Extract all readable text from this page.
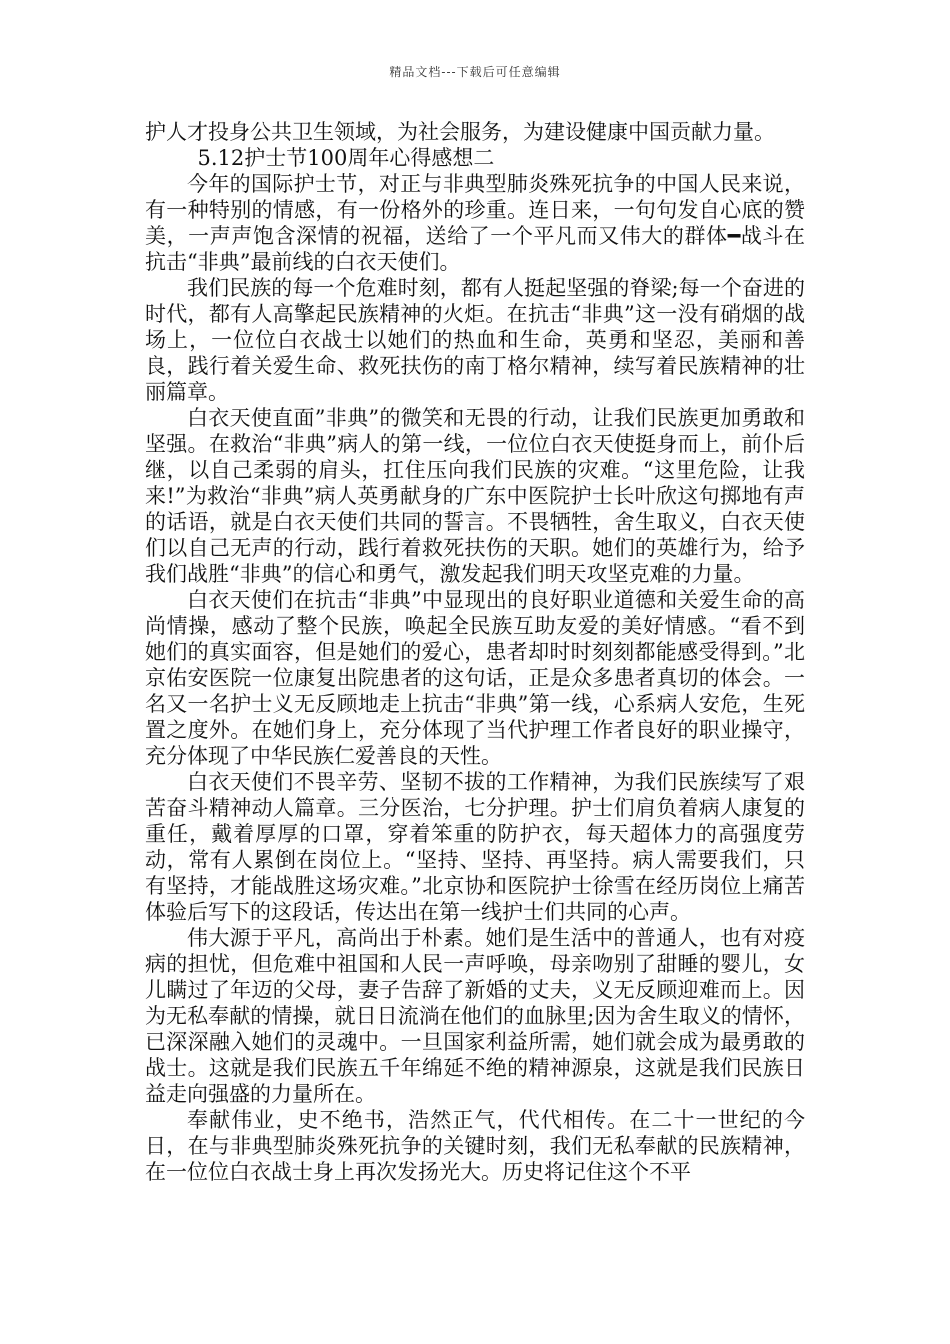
精品文档---下载后可任意编辑

护人才投身公共卫生领域，为社会服务，为建设健康中国贡献力量。

5.12护士节100周年心得感想二

今年的国际护士节，对正与非典型肺炎殊死抗争的中国人民来说，有一种特别的情感，有一份格外的珍重。连日来，一句句发自心底的赞美，一声声饱含深情的祝福，送给了一个平凡而又伟大的群体━战斗在抗击“非典”最前线的白衣天使们。

我们民族的每一个危难时刻，都有人挺起坚强的脊梁;每一个奋进的时代，都有人高擎起民族精神的火炬。在抗击“非典”这一没有硝烟的战场上，一位位白衣战士以她们的热血和生命，英勇和坚忍，美丽和善良，践行着关爱生命、救死扶伤的南丁格尔精神，续写着民族精神的壮丽篇章。

白衣天使直面”非典”的微笑和无畏的行动，让我们民族更加勇敢和坚强。在救治“非典”病人的第一线，一位位白衣天使挺身而上，前仆后继，以自己柔弱的肩头，扛住压向我们民族的灾难。“这里危险，让我来!”为救治“非典”病人英勇献身的广东中医院护士长叶欣这句掷地有声的话语，就是白衣天使们共同的誓言。不畏牺牲，舍生取义，白衣天使们以自己无声的行动，践行着救死扶伤的天职。她们的英雄行为，给予我们战胜“非典”的信心和勇气，激发起我们明天攻坚克难的力量。

白衣天使们在抗击“非典”中显现出的良好职业道德和关爱生命的高尚情操，感动了整个民族，唤起全民族互助友爱的美好情感。“看不到她们的真实面容，但是她们的爱心，患者却时时刻刻都能感受得到。”北京佑安医院一位康复出院患者的这句话，正是众多患者真切的体会。一名又一名护士义无反顾地走上抗击“非典”第一线，心系病人安危，生死置之度外。在她们身上，充分体现了当代护理工作者良好的职业操守，充分体现了中华民族仁爱善良的天性。

白衣天使们不畏辛劳、坚韧不拔的工作精神，为我们民族续写了艰苦奋斗精神动人篇章。三分医治，七分护理。护士们肩负着病人康复的重任，戴着厚厚的口罩，穿着笨重的防护衣，每天超体力的高强度劳动，常有人累倒在岗位上。“坚持、坚持、再坚持。病人需要我们，只有坚持，才能战胜这场灾难。”北京协和医院护士徐雪在经历岗位上痛苦体验后写下的这段话，传达出在第一线护士们共同的心声。

伟大源于平凡，高尚出于朴素。她们是生活中的普通人，也有对疫病的担忧，但危难中祖国和人民一声呼唤，母亲吻别了甜睡的婴儿，女儿瞒过了年迈的父母，妻子告辞了新婚的丈夫，义无反顾迎难而上。因为无私奉献的情操，就日日流淌在他们的血脉里;因为舍生取义的情怀，已深深融入她们的灵魂中。一旦国家利益所需，她们就会成为最勇敢的战士。这就是我们民族五千年绵延不绝的精神源泉，这就是我们民族日益走向强盛的力量所在。

奉献伟业，史不绝书，浩然正气，代代相传。在二十一世纪的今日，在与非典型肺炎殊死抗争的关键时刻，我们无私奉献的民族精神，在一位位白衣战士身上再次发扬光大。历史将记住这个不平
